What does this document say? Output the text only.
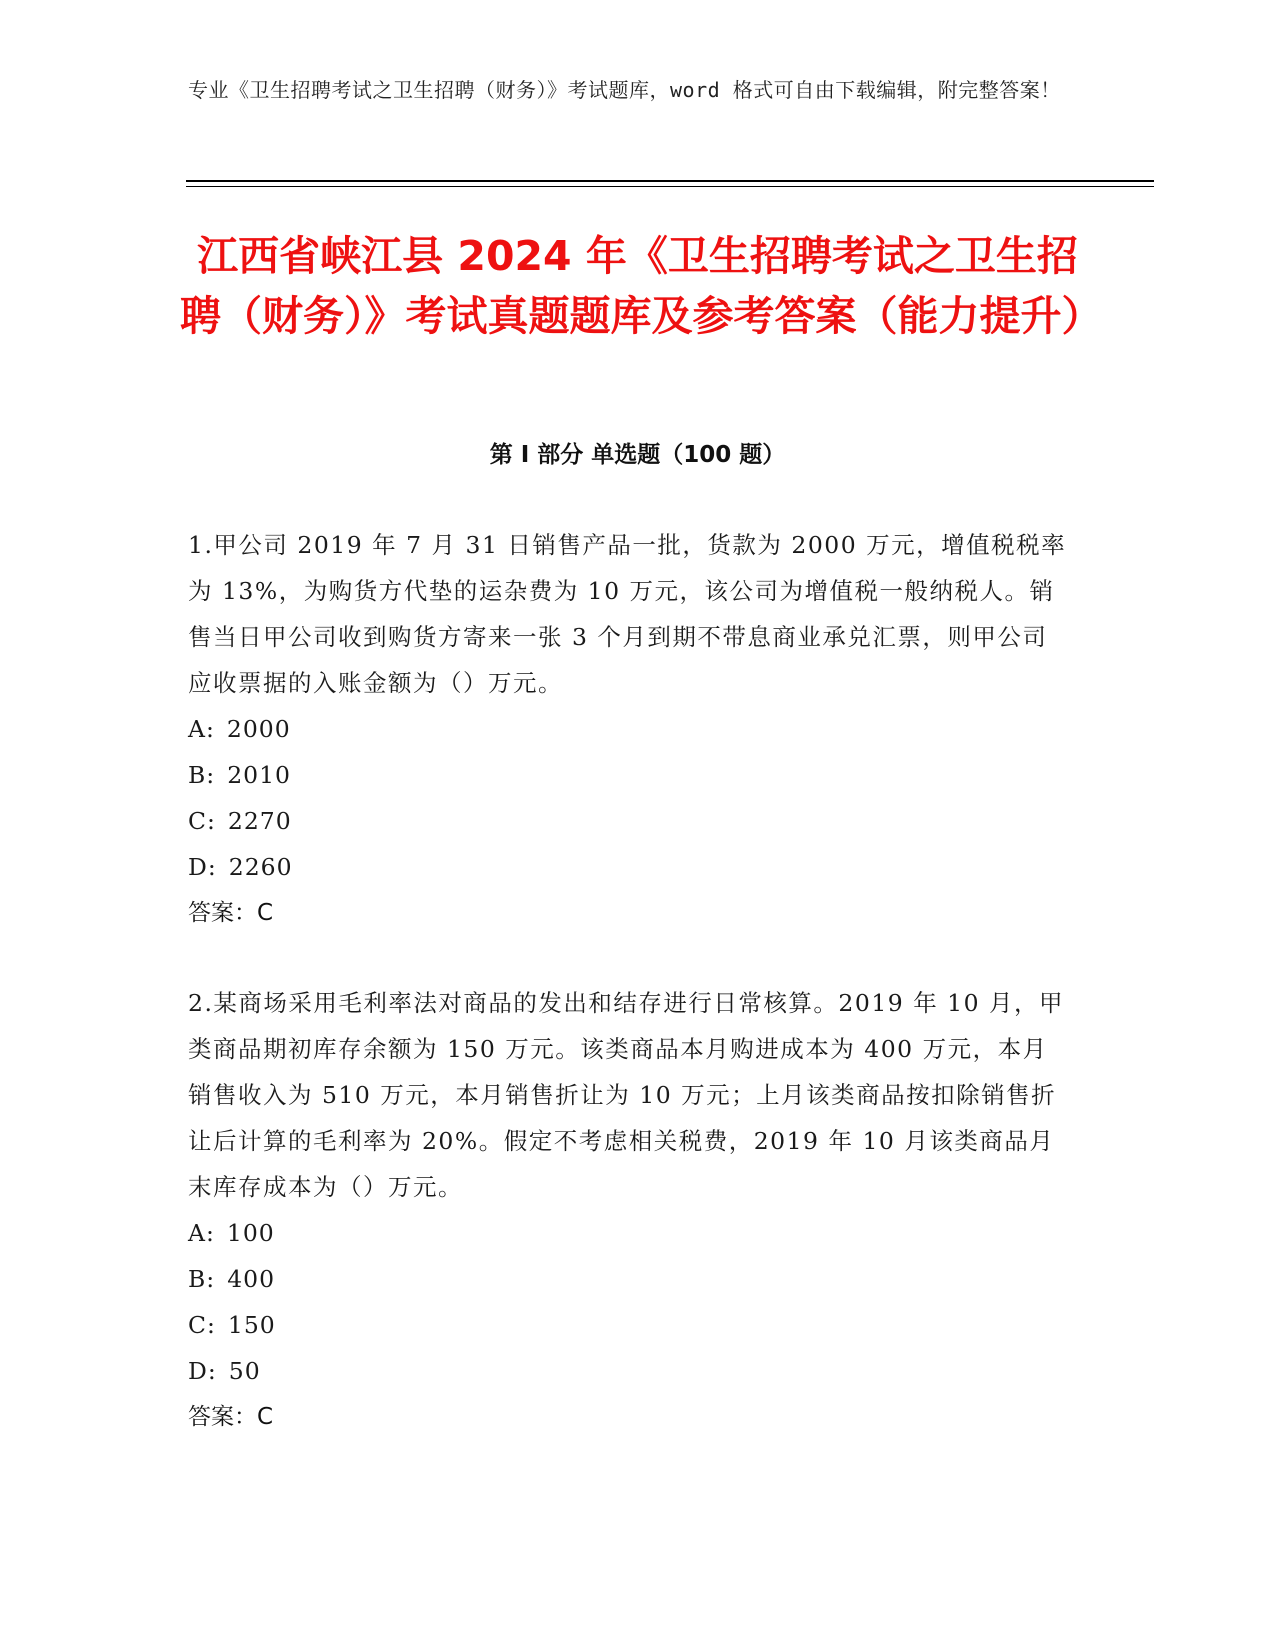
专业《卫生招聘考试之卫生招聘（财务）》考试题库，word 格式可自由下载编辑，附完整答案！
江西省峡江县 2024 年《卫生招聘考试之卫生招聘（财务）》考试真题题库及参考答案（能力提升）
第 I 部分 单选题（100 题）
1.甲公司 2019 年 7 月 31 日销售产品一批，货款为 2000 万元，增值税税率为 13%，为购货方代垫的运杂费为 10 万元，该公司为增值税一般纳税人。销售当日甲公司收到购货方寄来一张 3 个月到期不带息商业承兑汇票，则甲公司应收票据的入账金额为（）万元。
A: 2000
B: 2010
C: 2270
D: 2260
答案：C
2.某商场采用毛利率法对商品的发出和结存进行日常核算。2019 年 10 月，甲类商品期初库存余额为 150 万元。该类商品本月购进成本为 400 万元，本月销售收入为 510 万元，本月销售折让为 10 万元；上月该类商品按扣除销售折让后计算的毛利率为 20%。假定不考虑相关税费，2019 年 10 月该类商品月末库存成本为（）万元。
A: 100
B: 400
C: 150
D: 50
答案：C
